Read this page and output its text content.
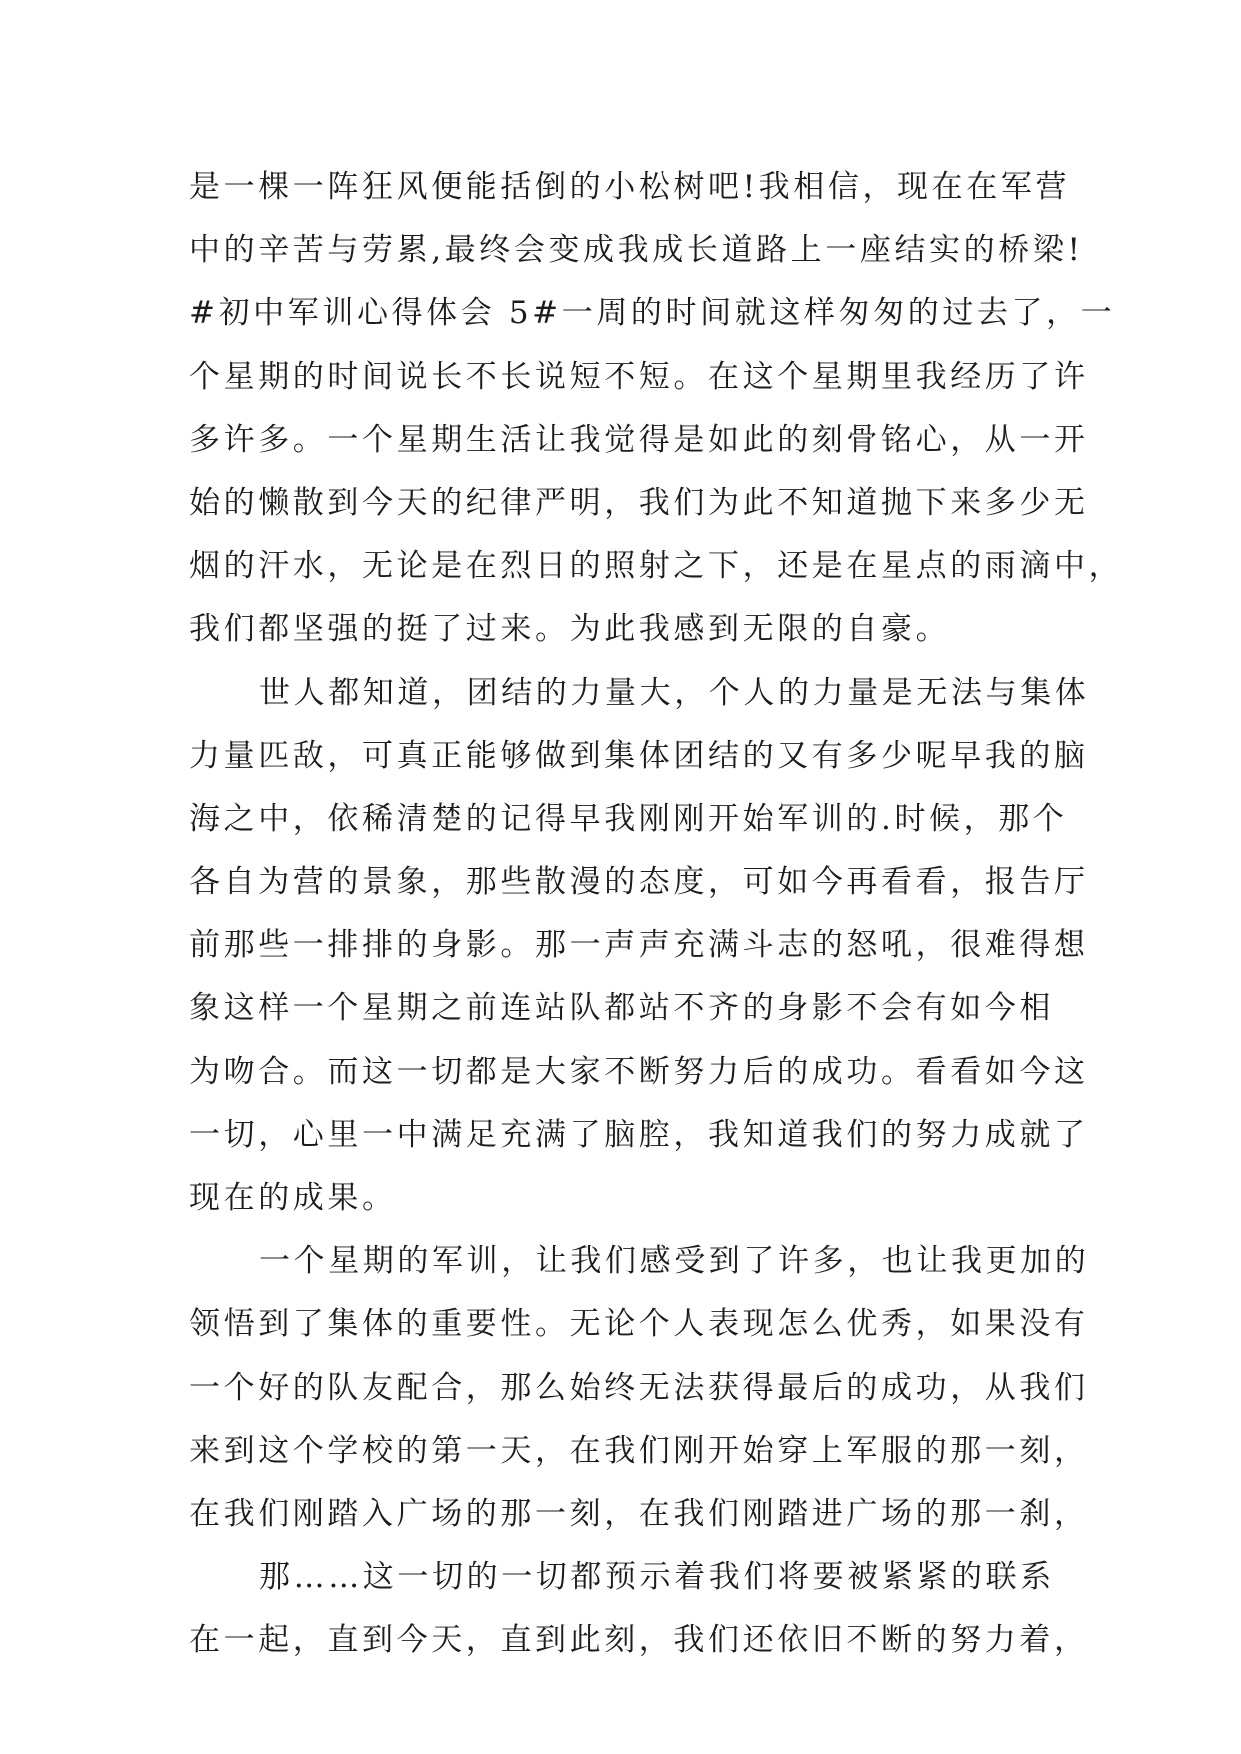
是一棵一阵狂风便能括倒的小松树吧!我相信，现在在军营
中的辛苦与劳累,最终会变成我成长道路上一座结实的桥梁!
#初中军训心得体会 5#一周的时间就这样匆匆的过去了，一
个星期的时间说长不长说短不短。在这个星期里我经历了许
多许多。一个星期生活让我觉得是如此的刻骨铭心，从一开
始的懒散到今天的纪律严明，我们为此不知道抛下来多少无
烟的汗水，无论是在烈日的照射之下，还是在星点的雨滴中，
我们都坚强的挺了过来。为此我感到无限的自豪。
世人都知道，团结的力量大，个人的力量是无法与集体
力量匹敌，可真正能够做到集体团结的又有多少呢早我的脑
海之中，依稀清楚的记得早我刚刚开始军训的.时候，那个
各自为营的景象，那些散漫的态度，可如今再看看，报告厅
前那些一排排的身影。那一声声充满斗志的怒吼，很难得想
象这样一个星期之前连站队都站不齐的身影不会有如今相
为吻合。而这一切都是大家不断努力后的成功。看看如今这
一切，心里一中满足充满了脑腔，我知道我们的努力成就了
现在的成果。
一个星期的军训，让我们感受到了许多，也让我更加的
领悟到了集体的重要性。无论个人表现怎么优秀，如果没有
一个好的队友配合，那么始终无法获得最后的成功，从我们
来到这个学校的第一天，在我们刚开始穿上军服的那一刻，
在我们刚踏入广场的那一刻，在我们刚踏进广场的那一刹，
那……这一切的一切都预示着我们将要被紧紧的联系
在一起，直到今天，直到此刻，我们还依旧不断的努力着，
